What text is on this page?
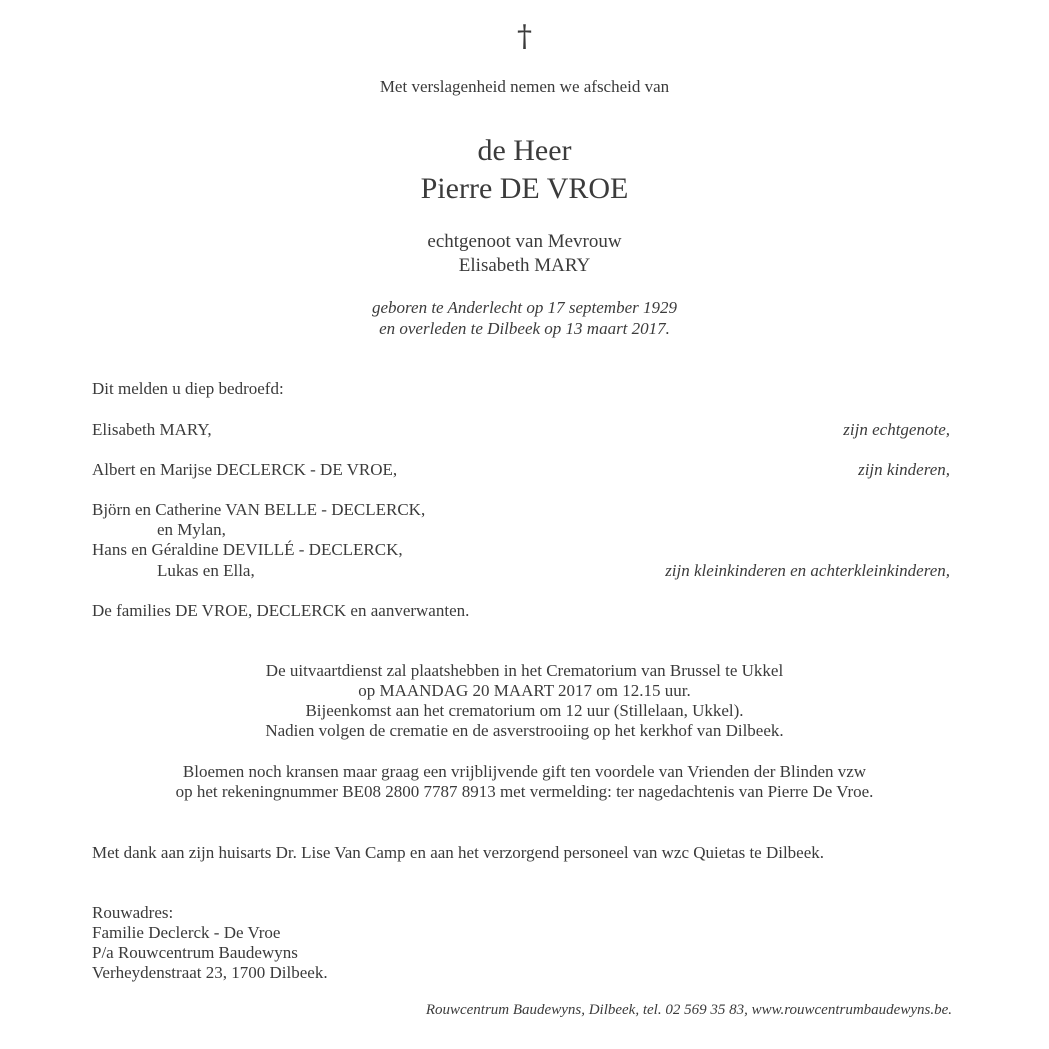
†
Met verslagenheid nemen we afscheid van
de Heer
Pierre DE VROE
echtgenoot van Mevrouw
Elisabeth MARY
geboren te Anderlecht op 17 september 1929
en overleden te Dilbeek op 13 maart 2017.
Dit melden u diep bedroefd:
Elisabeth MARY,	zijn echtgenote,
Albert en Marijse DECLERCK - DE VROE,	zijn kinderen,
Björn en Catherine VAN BELLE - DECLERCK,
en Mylan,
Hans en Géraldine DEVILLÉ - DECLERCK,
Lukas en Ella,	zijn kleinkinderen en achterkleinkinderen,
De families DE VROE, DECLERCK en aanverwanten.
De uitvaartdienst zal plaatshebben in het Crematorium van Brussel te Ukkel
op MAANDAG 20 MAART 2017 om 12.15 uur.
Bijeenkomst aan het crematorium om 12 uur (Stillelaan, Ukkel).
Nadien volgen de crematie en de asverstrooiing op het kerkhof van Dilbeek.
Bloemen noch kransen maar graag een vrijblijvende gift ten voordele van Vrienden der Blinden vzw
op het rekeningnummer BE08 2800 7787 8913 met vermelding: ter nagedachtenis van Pierre De Vroe.
Met dank aan zijn huisarts Dr. Lise Van Camp en aan het verzorgend personeel van wzc Quietas te Dilbeek.
Rouwadres:
Familie Declerck - De Vroe
P/a Rouwcentrum Baudewyns
Verheydenstraat 23, 1700 Dilbeek.
Rouwcentrum Baudewyns, Dilbeek, tel. 02 569 35 83, www.rouwcentrumbaudewyns.be.
